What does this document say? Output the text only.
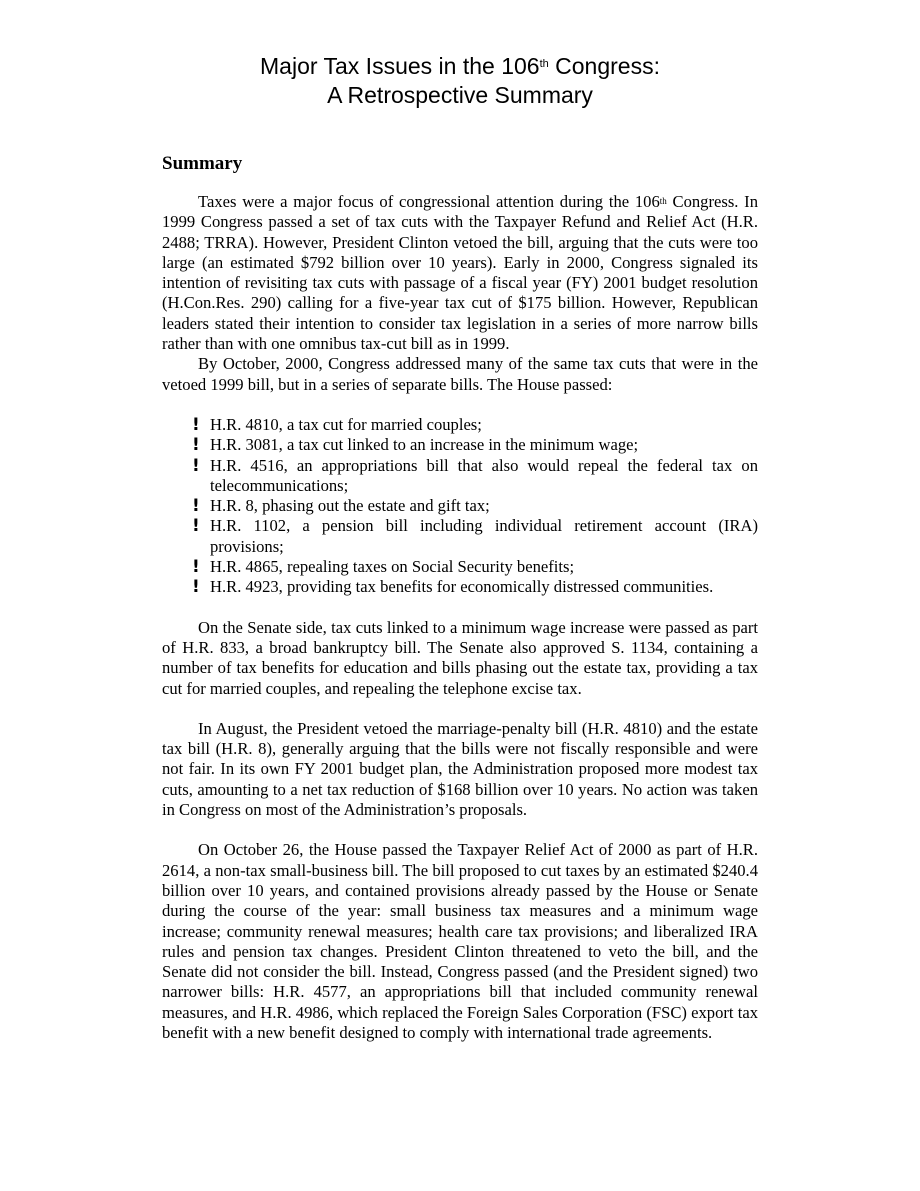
Major Tax Issues in the 106th Congress:
A Retrospective Summary
Summary

Taxes were a major focus of congressional attention during the 106th Congress. In 1999 Congress passed a set of tax cuts with the Taxpayer Refund and Relief Act (H.R. 2488; TRRA). However, President Clinton vetoed the bill, arguing that the cuts were too large (an estimated $792 billion over 10 years). Early in 2000, Congress signaled its intention of revisiting tax cuts with passage of a fiscal year (FY) 2001 budget resolution (H.Con.Res. 290) calling for a five-year tax cut of $175 billion. However, Republican leaders stated their intention to consider tax legislation in a series of more narrow bills rather than with one omnibus tax-cut bill as in 1999.

By October, 2000, Congress addressed many of the same tax cuts that were in the vetoed 1999 bill, but in a series of separate bills. The House passed:

! H.R. 4810, a tax cut for married couples;
! H.R. 3081, a tax cut linked to an increase in the minimum wage;
! H.R. 4516, an appropriations bill that also would repeal the federal tax on telecommunications;
! H.R. 8, phasing out the estate and gift tax;
! H.R. 1102, a pension bill including individual retirement account (IRA) provisions;
! H.R. 4865, repealing taxes on Social Security benefits;
! H.R. 4923, providing tax benefits for economically distressed communities.

On the Senate side, tax cuts linked to a minimum wage increase were passed as part of H.R. 833, a broad bankruptcy bill. The Senate also approved S. 1134, containing a number of tax benefits for education and bills phasing out the estate tax, providing a tax cut for married couples, and repealing the telephone excise tax.

In August, the President vetoed the marriage-penalty bill (H.R. 4810) and the estate tax bill (H.R. 8), generally arguing that the bills were not fiscally responsible and were not fair. In its own FY 2001 budget plan, the Administration proposed more modest tax cuts, amounting to a net tax reduction of $168 billion over 10 years. No action was taken in Congress on most of the Administration’s proposals.

On October 26, the House passed the Taxpayer Relief Act of 2000 as part of H.R. 2614, a non-tax small-business bill. The bill proposed to cut taxes by an estimated $240.4 billion over 10 years, and contained provisions already passed by the House or Senate during the course of the year: small business tax measures and a minimum wage increase; community renewal measures; health care tax provisions; and liberalized IRA rules and pension tax changes. President Clinton threatened to veto the bill, and the Senate did not consider the bill. Instead, Congress passed (and the President signed) two narrower bills: H.R. 4577, an appropriations bill that included community renewal measures, and H.R. 4986, which replaced the Foreign Sales Corporation (FSC) export tax benefit with a new benefit designed to comply with international trade agreements.
